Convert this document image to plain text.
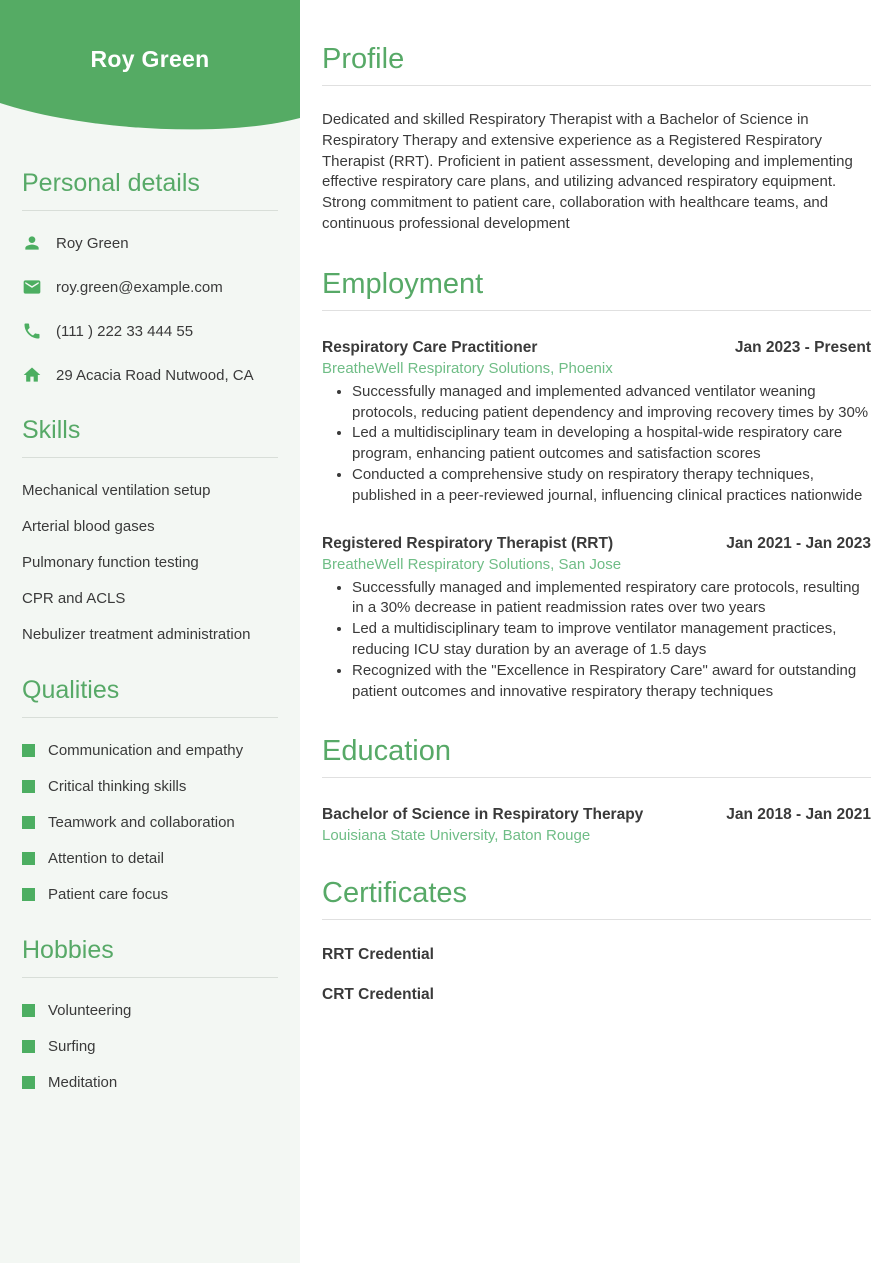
Roy Green
Personal details
Roy Green
roy.green@example.com
(111 ) 222 33 444 55
29 Acacia Road Nutwood, CA
Skills
Mechanical ventilation setup
Arterial blood gases
Pulmonary function testing
CPR and ACLS
Nebulizer treatment administration
Qualities
Communication and empathy
Critical thinking skills
Teamwork and collaboration
Attention to detail
Patient care focus
Hobbies
Volunteering
Surfing
Meditation
Profile

Dedicated and skilled Respiratory Therapist with a Bachelor of Science in Respiratory Therapy and extensive experience as a Registered Respiratory Therapist (RRT). Proficient in patient assessment, developing and implementing effective respiratory care plans, and utilizing advanced respiratory equipment. Strong commitment to patient care, collaboration with healthcare teams, and continuous professional development

Employment
Respiratory Care Practitioner	Jan 2023 - Present
BreatheWell Respiratory Solutions, Phoenix
• Successfully managed and implemented advanced ventilator weaning protocols, reducing patient dependency and improving recovery times by 30%
• Led a multidisciplinary team in developing a hospital-wide respiratory care program, enhancing patient outcomes and satisfaction scores
• Conducted a comprehensive study on respiratory therapy techniques, published in a peer-reviewed journal, influencing clinical practices nationwide
Registered Respiratory Therapist (RRT)	Jan 2021 - Jan 2023
BreatheWell Respiratory Solutions, San Jose
• Successfully managed and implemented respiratory care protocols, resulting in a 30% decrease in patient readmission rates over two years
• Led a multidisciplinary team to improve ventilator management practices, reducing ICU stay duration by an average of 1.5 days
• Recognized with the "Excellence in Respiratory Care" award for outstanding patient outcomes and innovative respiratory therapy techniques
Education
Bachelor of Science in Respiratory Therapy	Jan 2018 - Jan 2021
Louisiana State University, Baton Rouge
Certificates
RRT Credential
CRT Credential
